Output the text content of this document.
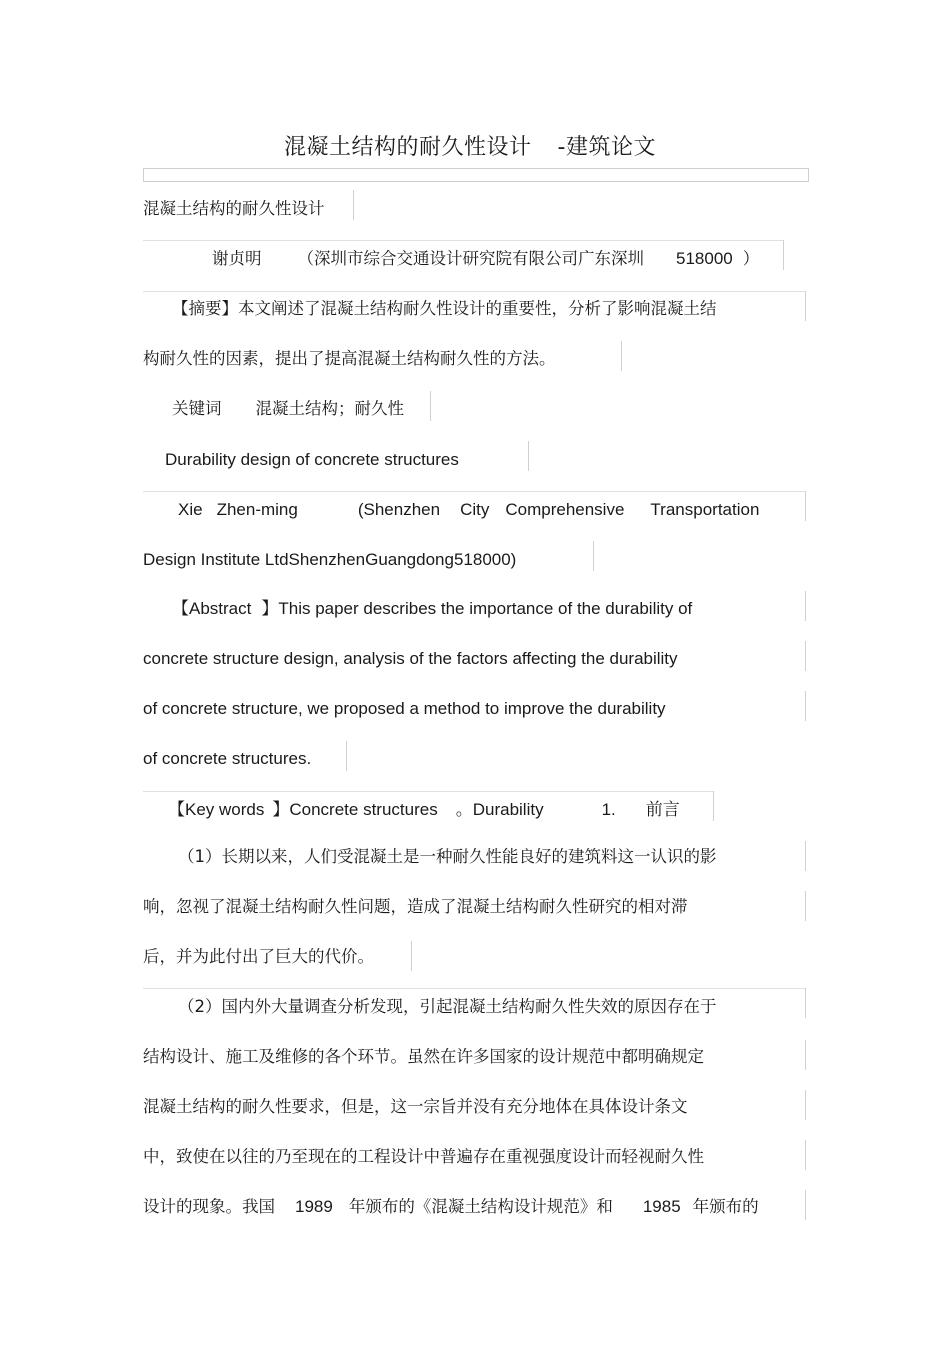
混凝土结构的耐久性设计 -建筑论文
混凝土结构的耐久性设计
谢贞明 （深圳市综合交通设计研究院有限公司广东深圳 518000 ）
【摘要】本文阐述了混凝土结构耐久性设计的重要性，分析了影响混凝土结
构耐久性的因素，提出了提高混凝土结构耐久性的方法。
关键词 混凝土结构；耐久性
Durability design of concrete structures
Xie Zhen-ming	(Shenzhen City Comprehensive Transportation
Design Institute LtdShenzhenGuangdong518000)
【Abstract 】This paper describes the importance of the durability of
concrete structure design, analysis of the factors affecting the durability
of concrete structure, we proposed a method to improve the durability
of concrete structures.
【Key words 】Concrete structures 。Durability	1. 前言
（1）长期以来，人们受混凝土是一种耐久性能良好的建筑料这一认识的影
响，忽视了混凝土结构耐久性问题，造成了混凝土结构耐久性研究的相对滞
后，并为此付出了巨大的代价。
（2）国内外大量调查分析发现，引起混凝土结构耐久性失效的原因存在于
结构设计、施工及维修的各个环节。虽然在许多国家的设计规范中都明确规定
混凝土结构的耐久性要求，但是，这一宗旨并没有充分地体在具体设计条文
中，致使在以往的乃至现在的工程设计中普遍存在重视强度设计而轻视耐久性
设计的现象。我国 1989 年颁布的《混凝土结构设计规范》和 1985 年颁布的
